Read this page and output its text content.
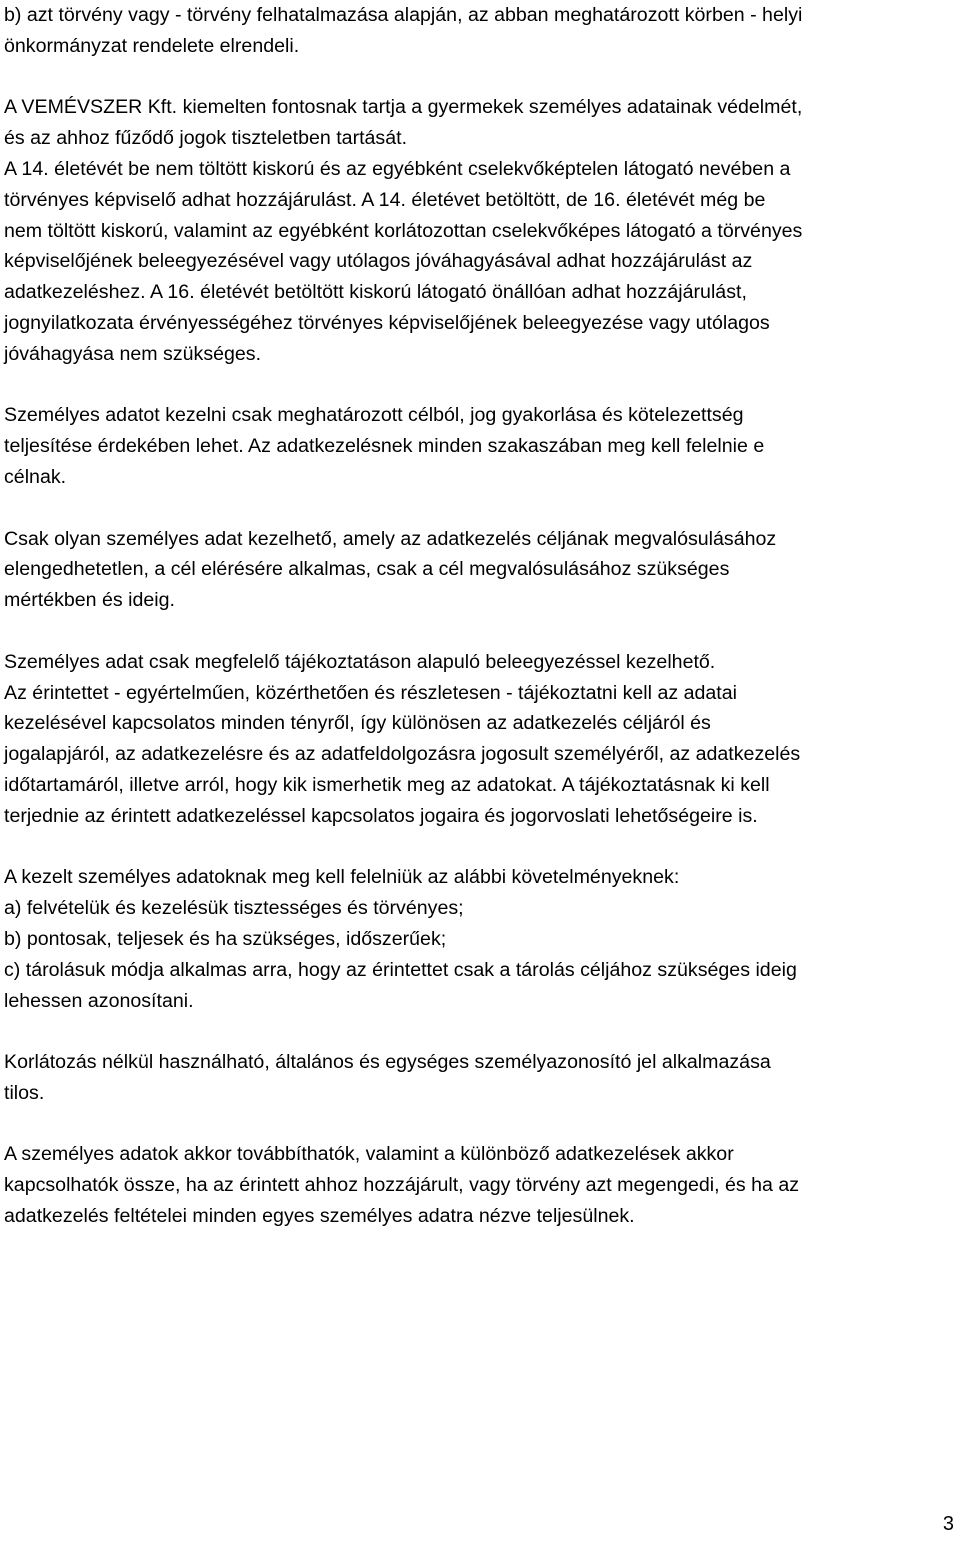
b) azt törvény vagy - törvény felhatalmazása alapján, az abban meghatározott körben - helyi
önkormányzat rendelete elrendeli.
A VEMÉVSZER Kft. kiemelten fontosnak tartja a gyermekek személyes adatainak védelmét,
és az ahhoz fűződő jogok tiszteletben tartását.
A 14. életévét be nem töltött kiskorú és az egyébként cselekvőképtelen látogató nevében a
törvényes képviselő adhat hozzájárulást. A 14. életévet betöltött, de 16. életévét még be
nem töltött kiskorú, valamint az egyébként korlátozottan cselekvőképes látogató a törvényes
képviselőjének beleegyezésével vagy utólagos jóváhagyásával adhat hozzájárulást az
adatkezeléshez. A 16. életévét betöltött kiskorú látogató önállóan adhat hozzájárulást,
jognyilatkozata érvényességéhez törvényes képviselőjének beleegyezése vagy utólagos
jóváhagyása nem szükséges.
Személyes adatot kezelni csak meghatározott célból, jog gyakorlása és kötelezettség
teljesítése érdekében lehet. Az adatkezelésnek minden szakaszában meg kell felelnie e
célnak.
Csak olyan személyes adat kezelhető, amely az adatkezelés céljának megvalósulásához
elengedhetetlen, a cél elérésére alkalmas, csak a cél megvalósulásához szükséges
mértékben és ideig.
Személyes adat csak megfelelő tájékoztatáson alapuló beleegyezéssel kezelhető.
Az érintettet - egyértelműen, közérthetően és részletesen - tájékoztatni kell az adatai
kezelésével kapcsolatos minden tényről, így különösen az adatkezelés céljáról és
jogalapjáról, az adatkezelésre és az adatfeldolgozásra jogosult személyéről, az adatkezelés
időtartamáról, illetve arról, hogy kik ismerhetik meg az adatokat. A tájékoztatásnak ki kell
terjednie az érintett adatkezeléssel kapcsolatos jogaira és jogorvoslati lehetőségeire is.
A kezelt személyes adatoknak meg kell felelniük az alábbi követelményeknek:
a) felvételük és kezelésük tisztességes és törvényes;
b) pontosak, teljesek és ha szükséges, időszerűek;
c) tárolásuk módja alkalmas arra, hogy az érintettet csak a tárolás céljához szükséges ideig
lehessen azonosítani.
Korlátozás nélkül használható, általános és egységes személyazonosító jel alkalmazása
tilos.
A személyes adatok akkor továbbíthatók, valamint a különböző adatkezelések akkor
kapcsolhatók össze, ha az érintett ahhoz hozzájárult, vagy törvény azt megengedi, és ha az
adatkezelés feltételei minden egyes személyes adatra nézve teljesülnek.
3
